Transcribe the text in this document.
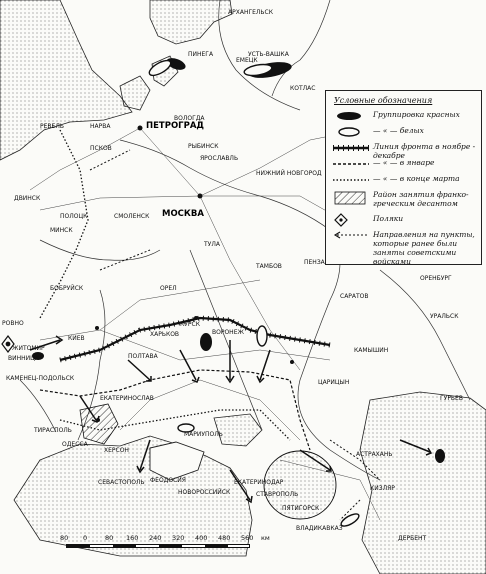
АРХАНГЕЛЬСК
ПИНЕГА	УСТЬ-ВАШКА
ЕМЕЦК
КОТЛАС
ПЕТРОГРАД
РЕВЕЛЬ	НАРВА
ПСКОВ
ВОЛОГДА
РЫБИНСК
ЯРОСЛАВЛЬ
НИЖНИЙ НОВГОРОД
МОСКВА
ДВИНСК
ПОЛОЦК
МИНСК
СМОЛЕНСК
БОБРУЙСК
ТУЛА
ОРЕЛ
КУРСК
ВОРОНЕЖ
ТАМБОВ
ПЕНЗА
САРАТОВ
ОРЕНБУРГ
УРАЛЬСК
РОВНО
КИЕВ
ПОЛТАВА
ХАРЬКОВ
ЖИТОМИР
ВИННИЦА
КАМЕНЕЦ-ПОДОЛЬСК
ЕКАТЕРИНОСЛАВ
ХЕРСОН
ОДЕССА
ТИРАСПОЛЬ
СЕВАСТОПОЛЬ ФЕОДОСИЯ
МАРИУПОЛЬ
НОВОРОССИЙСК
ЕКАТЕРИНОДАР
СТАВРОПОЛЬ
ПЯТИГОРСК
ВЛАДИКАВКАЗ
ЦАРИЦЫН
АСТРАХАНЬ
КАМЫШИН
ГУРЬЕВ
КИЗЛЯР
ДЕРБЕНТ
Условные обозначения
Группировка красных
— « — белых
Линия фронта в ноябре - декабре
— « — в январе
— « — в конце марта
Район занятия франко-греческим десантом
Поляки
Направления на пункты, которые ранее были заняты советскими войсками
80 0	80 160 240 320 400 480 560 км
